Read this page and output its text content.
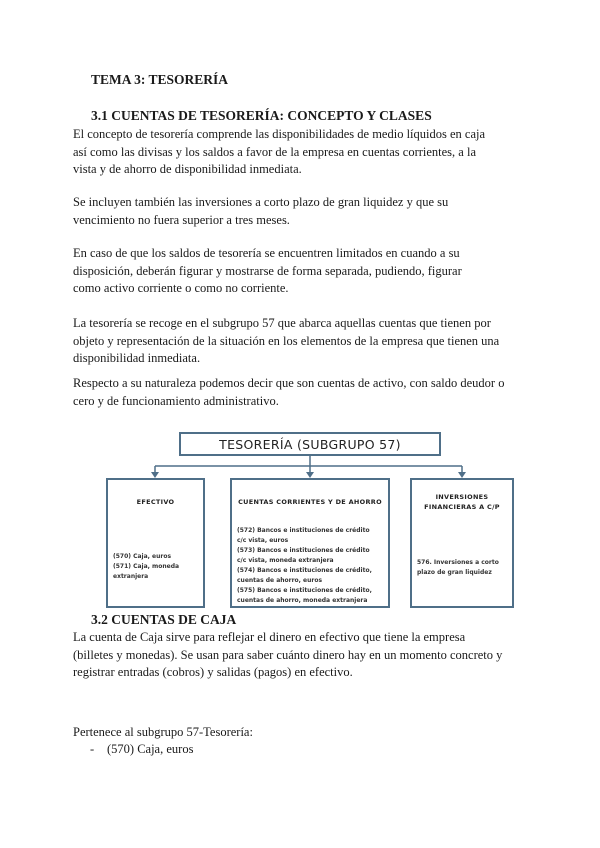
TEMA 3: TESORERÍA
3.1 CUENTAS DE TESORERÍA: CONCEPTO Y CLASES

El concepto de tesorería comprende las disponibilidades de medio líquidos en caja
así como las divisas y los saldos a favor de la empresa en cuentas corrientes, a la
vista y de ahorro de disponibilidad inmediata.

Se incluyen también las inversiones a corto plazo de gran liquidez y que su
vencimiento no fuera superior a tres meses.

En caso de que los saldos de tesorería se encuentren limitados en cuando a su
disposición, deberán figurar y mostrarse de forma separada, pudiendo, figurar
como activo corriente o como no corriente.

La tesorería se recoge en el subgrupo 57 que abarca aquellas cuentas que tienen por
objeto y representación de la situación en los elementos de la empresa que tienen una
disponibilidad inmediata.

Respecto a su naturaleza podemos decir que son cuentas de activo, con saldo deudor o
cero y de funcionamiento administrativo.

TESORERÍA (SUBGRUPO 57)
EFECTIVO
(570) Caja, euros
(571) Caja, moneda
extranjera
CUENTAS CORRIENTES Y DE AHORRO
(572) Bancos e instituciones de crédito
c/c vista, euros
(573) Bancos e instituciones de crédito
c/c vista, moneda extranjera
(574) Bancos e instituciones de crédito,
cuentas de ahorro, euros
(575) Bancos e instituciones de crédito,
cuentas de ahorro, moneda extranjera
INVERSIONES
FINANCIERAS A C/P
576. Inversiones a corto
plazo de gran liquidez
3.2 CUENTAS DE CAJA

La cuenta de Caja sirve para reflejar el dinero en efectivo que tiene la empresa
(billetes y monedas). Se usan para saber cuánto dinero hay en un momento concreto y
registrar entradas (cobros) y salidas (pagos) en efectivo.

Pertenece al subgrupo 57-Tesorería:

- (570) Caja, euros
